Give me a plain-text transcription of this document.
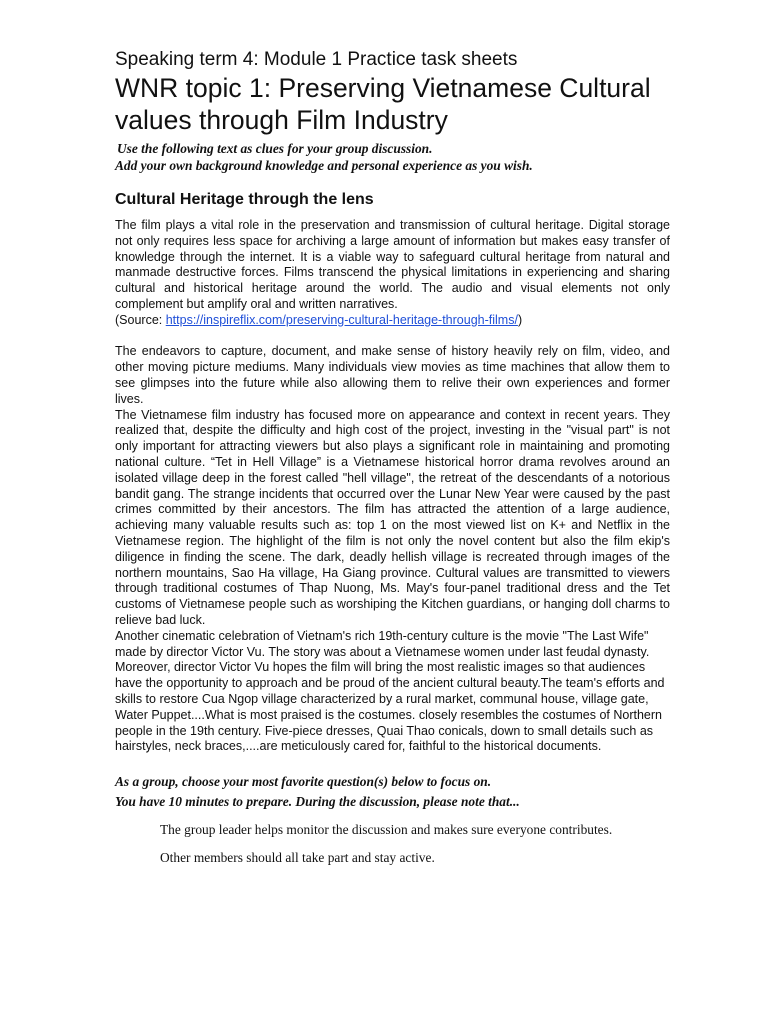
Speaking term 4: Module 1 Practice task sheets

WNR topic 1: Preserving Vietnamese Cultural values through Film Industry

Use the following text as clues for your group discussion.

Add your own background knowledge and personal experience as you wish.

Cultural Heritage through the lens

The film plays a vital role in the preservation and transmission of cultural heritage. Digital storage not only requires less space for archiving a large amount of information but makes easy transfer of knowledge through the internet. It is a viable way to safeguard cultural heritage from natural and manmade destructive forces. Films transcend the physical limitations in experiencing and sharing cultural and historical heritage around the world. The audio and visual elements not only complement but amplify oral and written narratives.
(Source: https://inspireflix.com/preserving-cultural-heritage-through-films/)

The endeavors to capture, document, and make sense of history heavily rely on film, video, and other moving picture mediums. Many individuals view movies as time machines that allow them to see glimpses into the future while also allowing them to relive their own experiences and former lives.

The Vietnamese film industry has focused more on appearance and context in recent years. They realized that, despite the difficulty and high cost of the project, investing in the "visual part" is not only important for attracting viewers but also plays a significant role in maintaining and promoting national culture. “Tet in Hell Village” is a Vietnamese historical horror drama revolves around an isolated village deep in the forest called "hell village", the retreat of the descendants of a notorious bandit gang. The strange incidents that occurred over the Lunar New Year were caused by the past crimes committed by their ancestors. The film has attracted the attention of a large audience, achieving many valuable results such as: top 1 on the most viewed list on K+ and Netflix in the Vietnamese region. The highlight of the film is not only the novel content but also the film ekip's diligence in finding the scene. The dark, deadly hellish village is recreated through images of the northern mountains, Sao Ha village, Ha Giang province. Cultural values are transmitted to viewers through traditional costumes of Thap Nuong, Ms. May's four-panel traditional dress and the Tet customs of Vietnamese people such as worshiping the Kitchen guardians, or hanging doll charms to relieve bad luck.

Another cinematic celebration of Vietnam's rich 19th-century culture is the movie "The Last Wife" made by director Victor Vu. The story was about a Vietnamese women under last feudal dynasty. Moreover, director Victor Vu hopes the film will bring the most realistic images so that audiences have the opportunity to approach and be proud of the ancient cultural beauty.The team's efforts and skills to restore Cua Ngop village characterized by a rural market, communal house, village gate, Water Puppet....What is most praised is the costumes. closely resembles the costumes of Northern people in the 19th century. Five-piece dresses, Quai Thao conicals, down to small details such as hairstyles, neck braces,....are meticulously cared for, faithful to the historical documents.

As a group, choose your most favorite question(s) below to focus on.

You have 10 minutes to prepare. During the discussion, please note that...

The group leader helps monitor the discussion and makes sure everyone contributes.

Other members should all take part and stay active.
